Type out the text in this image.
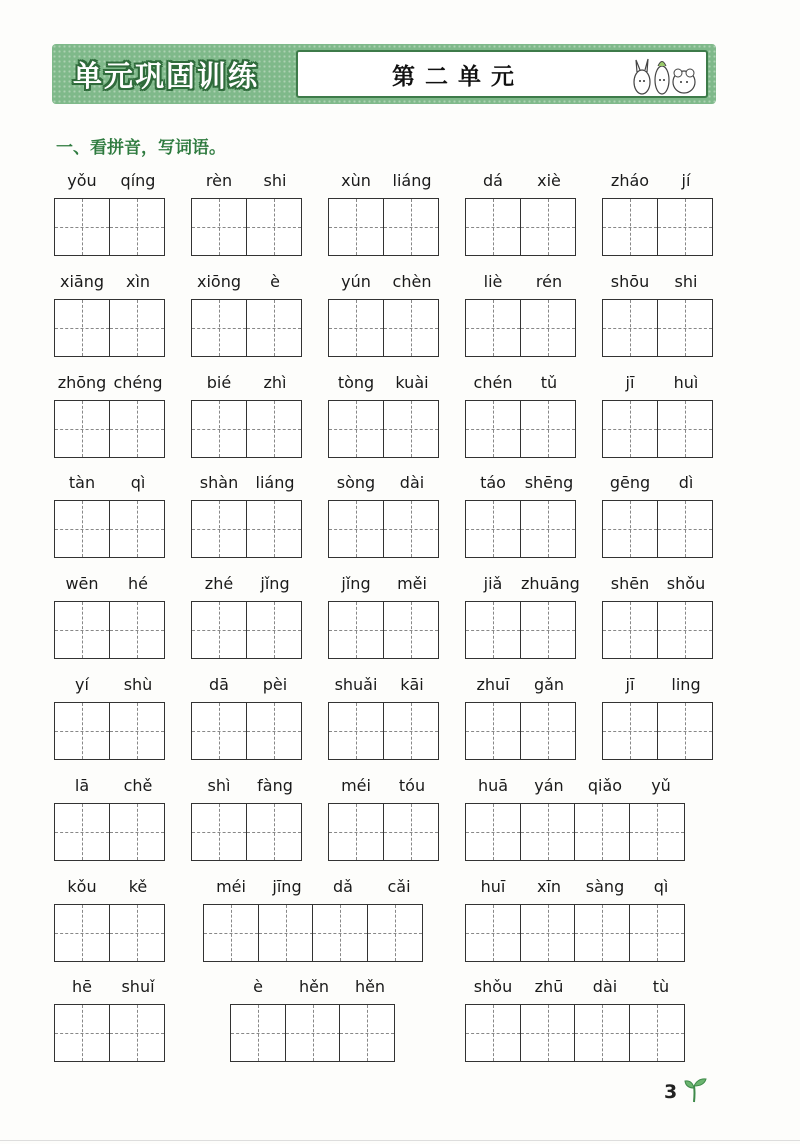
单元巩固训练	第二单元
一、看拼音，写词语。
yǒu	qíng	rèn	shi	xùn	liáng	dá	xiè	zháo	jí
xiāng	xìn	xiōng	è	yún	chèn	liè	rén	shōu	shi
zhōng chéng	bié	zhì	tòng	kuài	chén	tǔ	jī	huì
tàn	qì	shàn	liáng	sòng	dài	táo	shēng	gēng	dì
wēn	hé	zhé	jǐng	jǐng	měi	jiǎ	zhuāng	shēn	shǒu
yí	shù	dā	pèi	shuǎi	kāi	zhuī	gǎn	jī	ling
lā	chě	shì	fàng	méi	tóu	huā	yán	qiǎo	yǔ
kǒu	kě	méi	jīng	dǎ	cǎi	huī	xīn	sàng	qì
hē	shuǐ	è	hěn	hěn	shǒu	zhū	dài	tù
3
